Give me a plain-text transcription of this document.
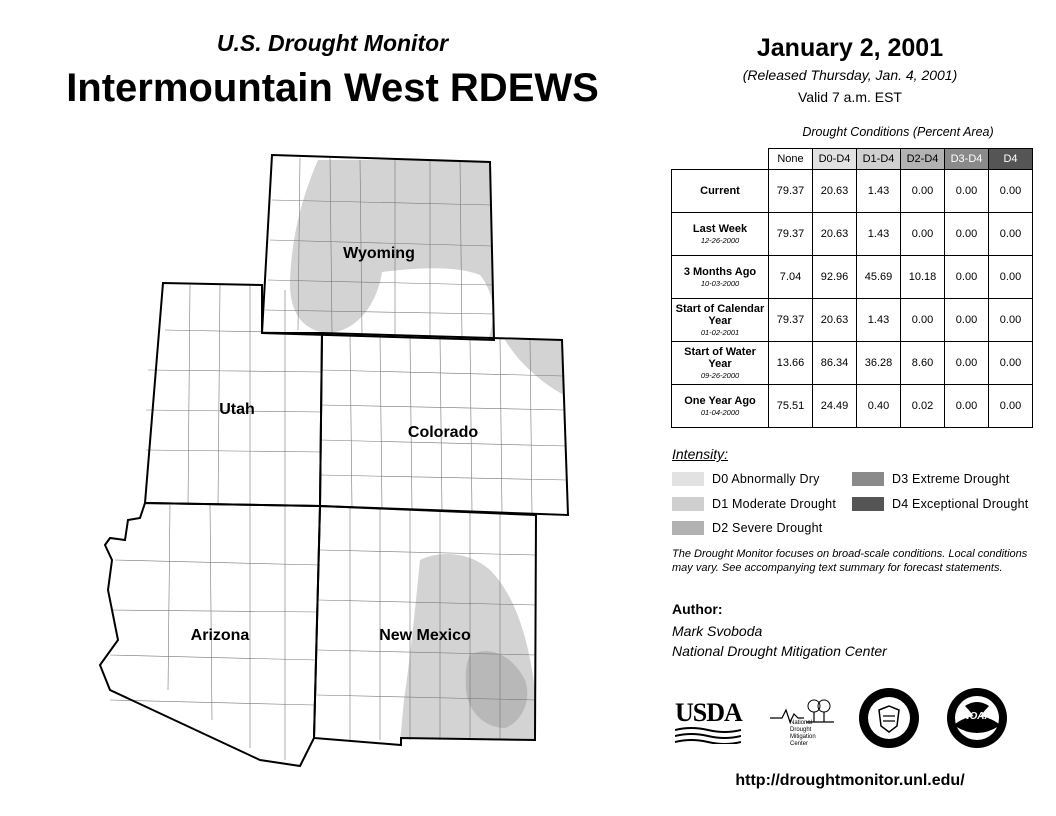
U.S. Drought Monitor
Intermountain West RDEWS
January 2, 2001
(Released Thursday, Jan. 4, 2001)
Valid 7 a.m. EST
Wyoming
Utah
Colorado
Arizona	New Mexico
Drought Conditions (Percent Area)
	None	D0-D4	D1-D4	D2-D4	D3-D4	D4
Current	79.37	20.63	1.43	0.00	0.00	0.00
Last Week
12-26-2000	79.37	20.63	1.43	0.00	0.00	0.00
3 Months Ago
10-03-2000	7.04	92.96	45.69	10.18	0.00	0.00
Start of Calendar Year
01-02-2001	79.37	20.63	1.43	0.00	0.00	0.00
Start of Water Year
09-26-2000	13.66	86.34	36.28	8.60	0.00	0.00
One Year Ago
01-04-2000	75.51	24.49	0.40	0.02	0.00	0.00
Intensity:
D0 Abnormally Dry
D1 Moderate Drought
D2 Severe Drought
D3 Extreme Drought
D4 Exceptional Drought
The Drought Monitor focuses on broad-scale conditions. Local conditions may vary. See accompanying text summary for forecast statements.
Author:
Mark Svoboda
National Drought Mitigation Center
USDA	National Drought Mitigation Center
NOAA
http://droughtmonitor.unl.edu/
